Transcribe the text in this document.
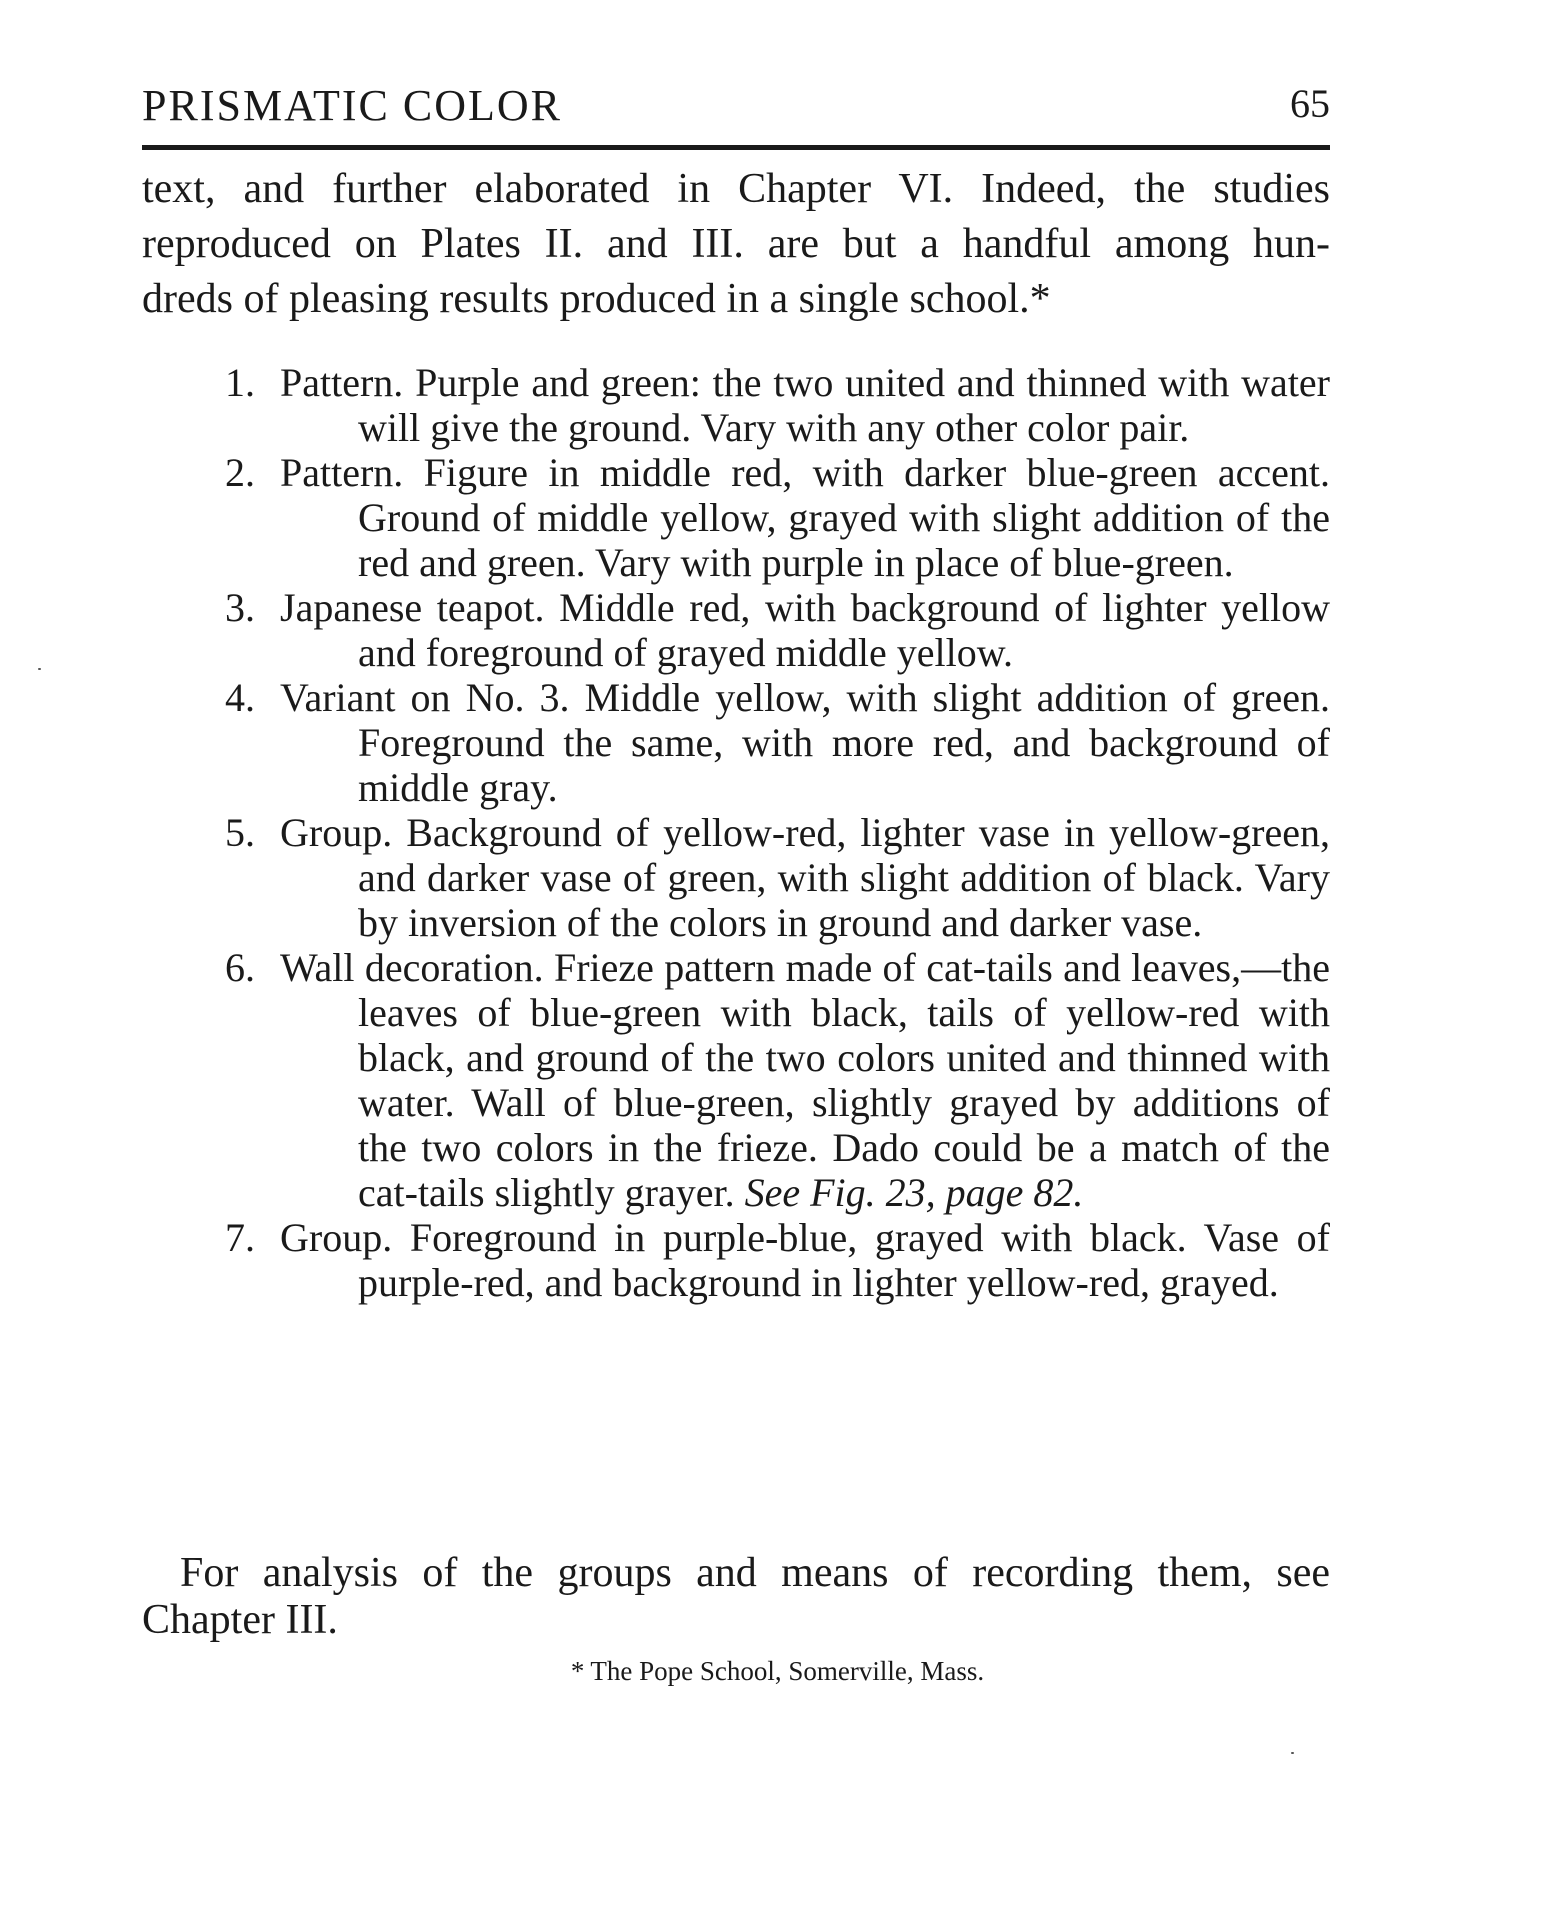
PRISMATIC COLOR	65

text, and further elaborated in Chapter VI. Indeed, the studies
reproduced on Plates II. and III. are but a handful among hun-
dreds of pleasing results produced in a single school.*

1. Pattern. Purple and green: the two united and thinned with water will give the ground. Vary with any other color pair.
2. Pattern. Figure in middle red, with darker blue-green accent. Ground of middle yellow, grayed with slight addition of the red and green. Vary with purple in place of blue-green.
3. Japanese teapot. Middle red, with background of lighter yellow and foreground of grayed middle yellow.
4. Variant on No. 3. Middle yellow, with slight addition of green. Foreground the same, with more red, and background of middle gray.
5. Group. Background of yellow-red, lighter vase in yellow-green, and darker vase of green, with slight addition of black. Vary by inversion of the colors in ground and darker vase.
6. Wall decoration. Frieze pattern made of cat-tails and leaves,—the leaves of blue-green with black, tails of yellow-red with black, and ground of the two colors united and thinned with water. Wall of blue-green, slightly grayed by additions of the two colors in the frieze. Dado could be a match of the cat-tails slightly grayer. See Fig. 23, page 82.
7. Group. Foreground in purple-blue, grayed with black. Vase of purple-red, and background in lighter yellow-red, grayed.

For analysis of the groups and means of recording them, see
Chapter III.

* The Pope School, Somerville, Mass.
